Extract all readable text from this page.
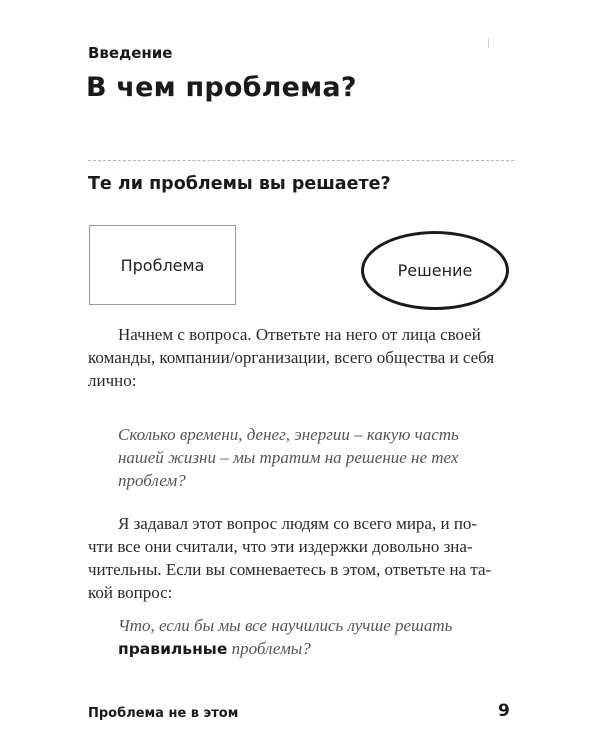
Введение
В чем проблема?
Те ли проблемы вы решаете?
Проблема	Решение
Начнем с вопроса. Ответьте на него от лица своей
команды, компании/организации, всего общества и себя
лично:
Сколько времени, денег, энергии – какую часть
нашей жизни – мы тратим на решение не тех
проблем?
Я задавал этот вопрос людям со всего мира, и по-
чти все они считали, что эти издержки довольно зна-
чительны. Если вы сомневаетесь в этом, ответьте на та-
кой вопрос:
Что, если бы мы все научились лучше решать
правильные проблемы?
Проблема не в этом	9
